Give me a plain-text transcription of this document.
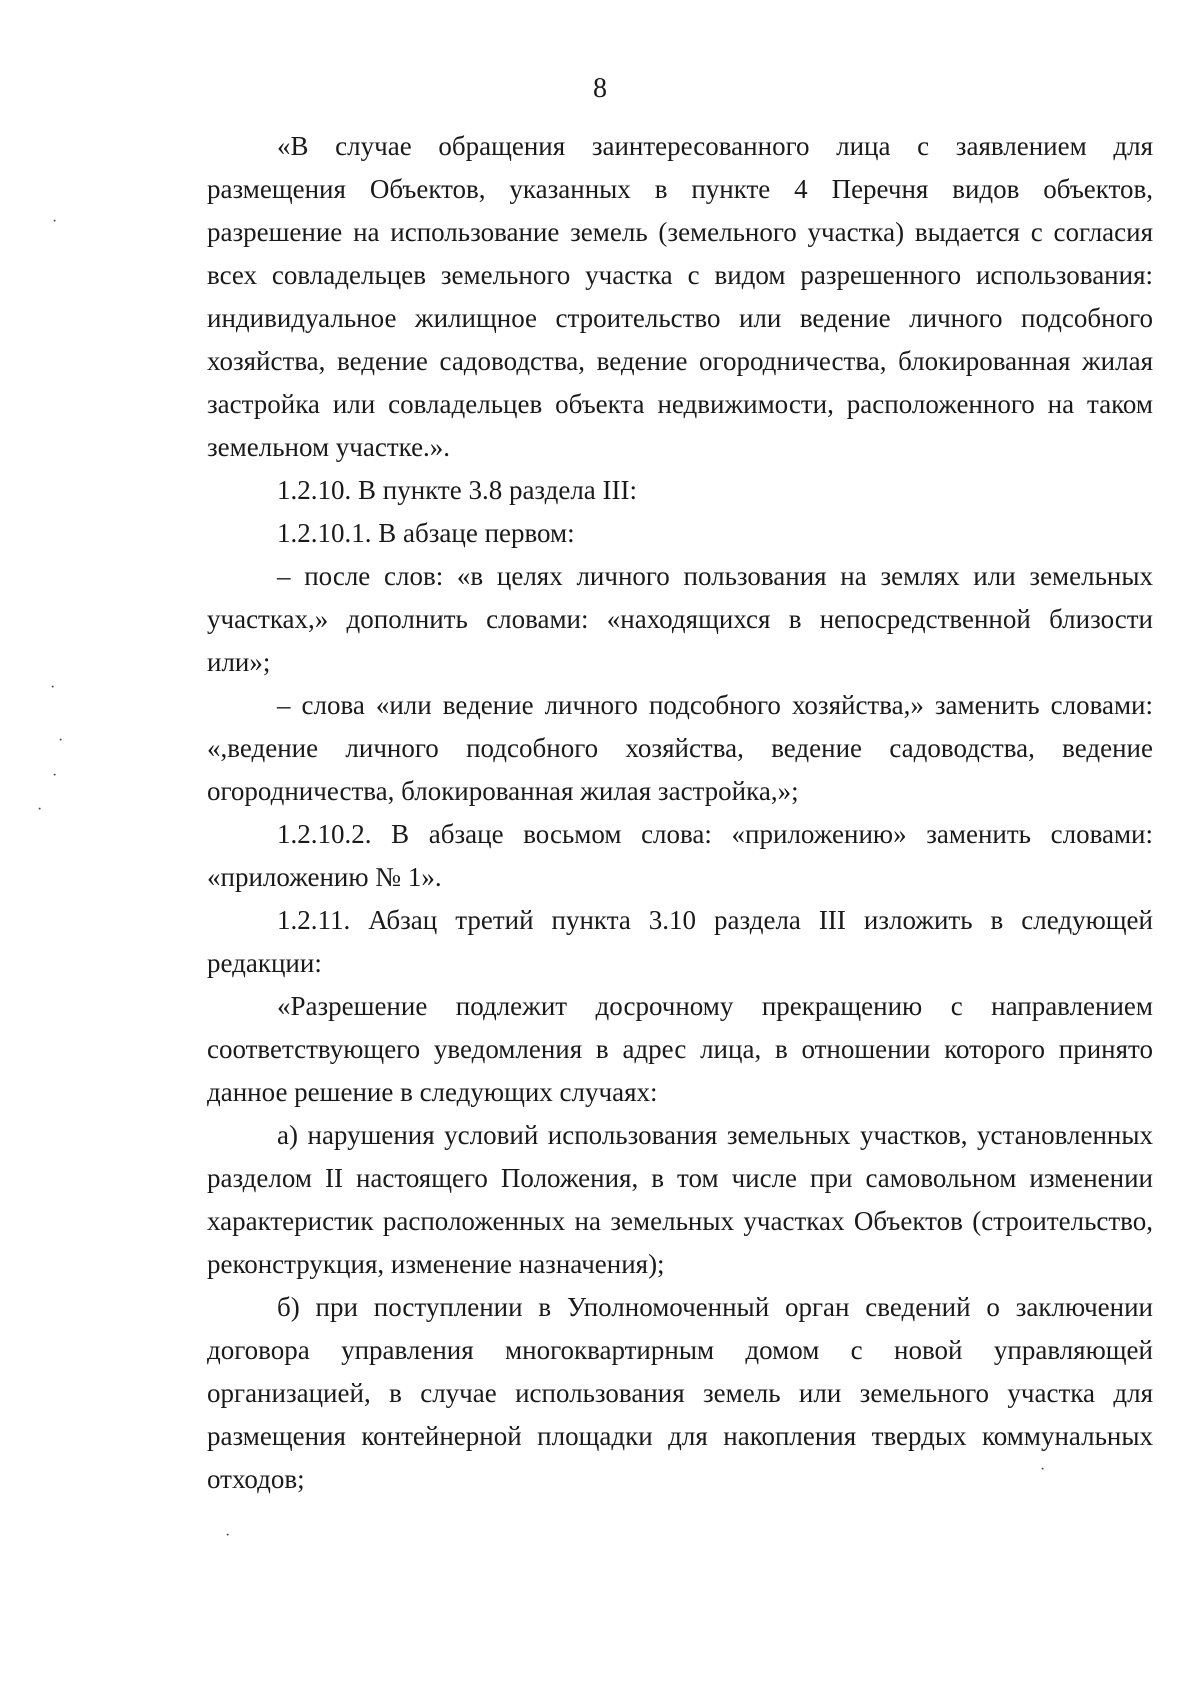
8

«В случае обращения заинтересованного лица с заявлением для размещения Объектов, указанных в пункте 4 Перечня видов объектов, разрешение на использование земель (земельного участка) выдается с согласия всех совладельцев земельного участка с видом разрешенного использования: индивидуальное жилищное строительство или ведение личного подсобного хозяйства, ведение садоводства, ведение огородничества, блокированная жилая застройка или совладельцев объекта недвижимости, расположенного на таком земельном участке.».

1.2.10. В пункте 3.8 раздела III:

1.2.10.1. В абзаце первом:

– после слов: «в целях личного пользования на землях или земельных участках,» дополнить словами: «находящихся в непосредственной близости или»;

– слова «или ведение личного подсобного хозяйства,» заменить словами: «,ведение личного подсобного хозяйства, ведение садоводства, ведение огородничества, блокированная жилая застройка,»;

1.2.10.2. В абзаце восьмом слова: «приложению» заменить словами: «приложению № 1».

1.2.11. Абзац третий пункта 3.10 раздела III изложить в следующей редакции:

«Разрешение подлежит досрочному прекращению с направлением соответствующего уведомления в адрес лица, в отношении которого принято данное решение в следующих случаях:

а) нарушения условий использования земельных участков, установленных разделом II настоящего Положения, в том числе при самовольном изменении характеристик расположенных на земельных участках Объектов (строительство, реконструкция, изменение назначения);

б) при поступлении в Уполномоченный орган сведений о заключении договора управления многоквартирным домом с новой управляющей организацией, в случае использования земель или земельного участка для размещения контейнерной площадки для накопления твердых коммунальных отходов;

·
·
·
·
·
·
·
